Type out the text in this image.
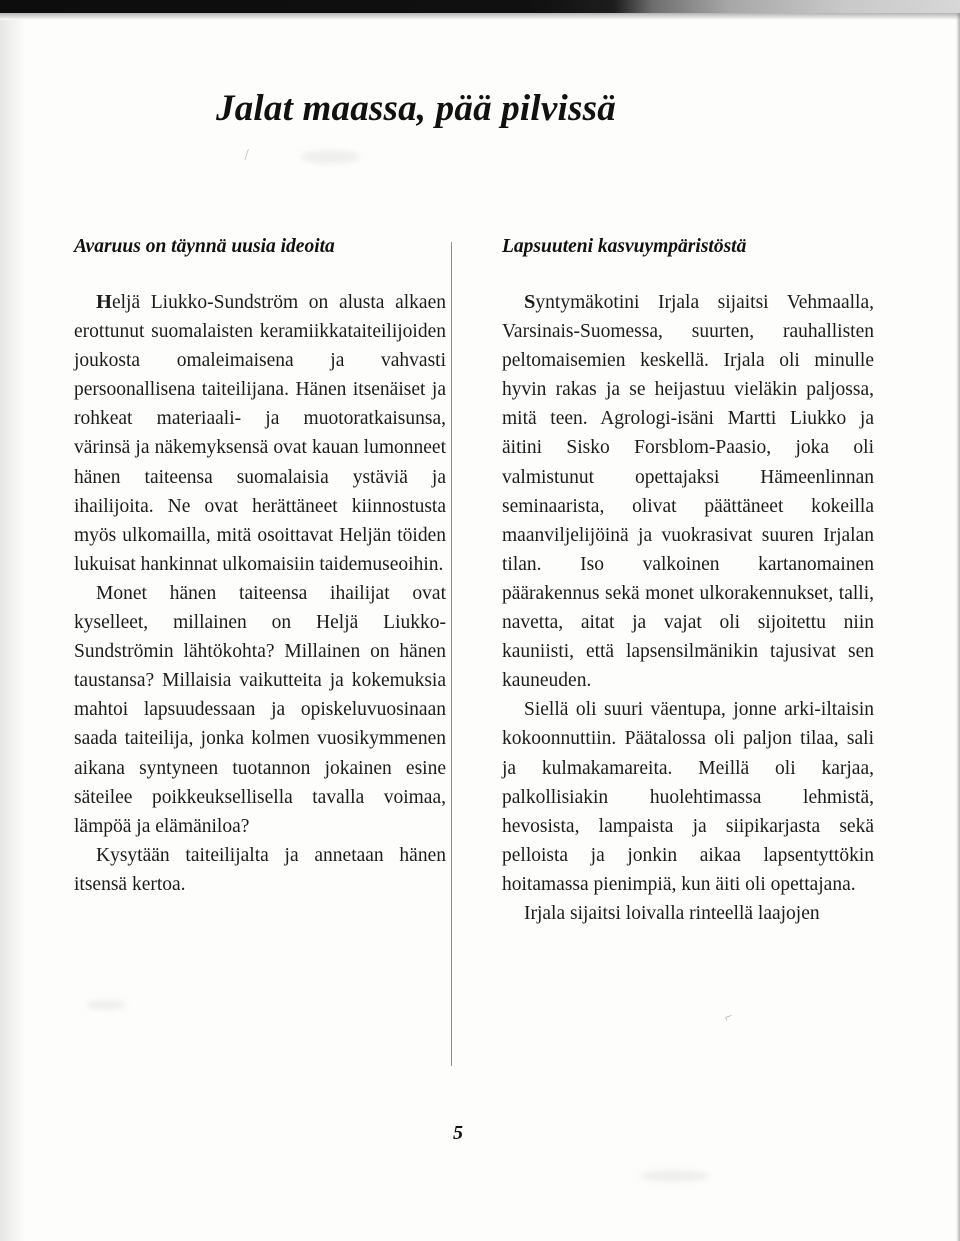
⁄
⌐
Jalat maassa, pää pilvissä
Avaruus on täynnä uusia ideoita

Heljä Liukko-Sundström on alusta alkaen erottunut suomalaisten keramiikkataiteilijoiden joukosta omaleimaisena ja vahvasti persoonallisena taiteilijana. Hänen itsenäiset ja rohkeat materiaali- ja muotoratkaisunsa, värinsä ja näkemyksensä ovat kauan lumonneet hänen taiteensa suomalaisia ystäviä ja ihailijoita. Ne ovat herättäneet kiinnostusta myös ulkomailla, mitä osoittavat Heljän töiden lukuisat hankinnat ulkomaisiin taidemuseoihin.

Monet hänen taiteensa ihailijat ovat kyselleet, millainen on Heljä Liukko-Sundströmin lähtökohta? Millainen on hänen taustansa? Millaisia vaikutteita ja kokemuksia mahtoi lapsuudessaan ja opiskeluvuosinaan saada taiteilija, jonka kolmen vuosikymmenen aikana syntyneen tuotannon jokainen esine säteilee poikkeuksellisella tavalla voimaa, lämpöä ja elämäniloa?

Kysytään taiteilijalta ja annetaan hänen itsensä kertoa.

Lapsuuteni kasvuympäristöstä

Syntymäkotini Irjala sijaitsi Vehmaalla, Varsinais-Suomessa, suurten, rauhallisten peltomaisemien keskellä. Irjala oli minulle hyvin rakas ja se heijastuu vieläkin paljossa, mitä teen. Agrologi-isäni Martti Liukko ja äitini Sisko Forsblom-Paasio, joka oli valmistunut opettajaksi Hämeenlinnan seminaarista, olivat päättäneet kokeilla maanviljelijöinä ja vuokrasivat suuren Irjalan tilan. Iso valkoinen kartanomainen päärakennus sekä monet ulkorakennukset, talli, navetta, aitat ja vajat oli sijoitettu niin kauniisti, että lapsensilmänikin tajusivat sen kauneuden.

Siellä oli suuri väentupa, jonne arki-iltaisin kokoonnuttiin. Päätalossa oli paljon tilaa, sali ja kulmakamareita. Meillä oli karjaa, palkollisiakin huolehtimassa lehmistä, hevosista, lampaista ja siipikarjasta sekä pelloista ja jonkin aikaa lapsentyttökin hoitamassa pienimpiä, kun äiti oli opettajana.

Irjala sijaitsi loivalla rinteellä laajojen

5
